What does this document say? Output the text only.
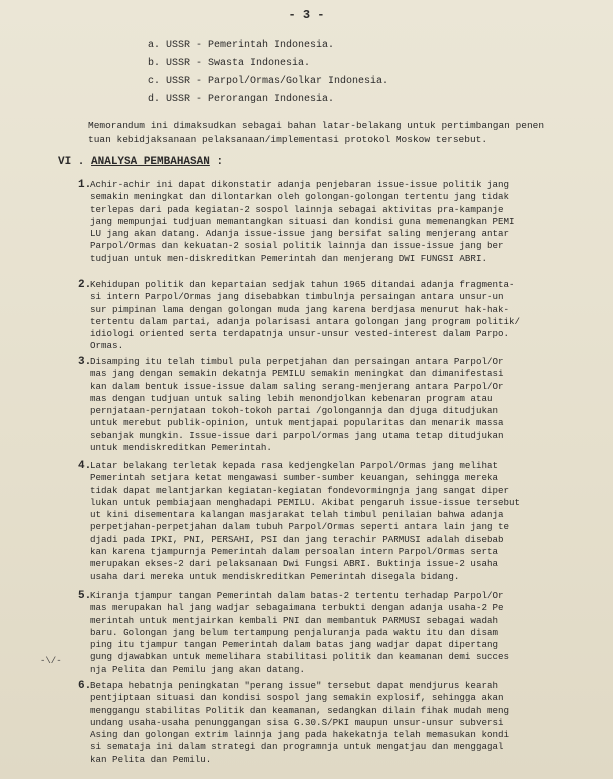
- 3 -
a. USSR - Pemerintah Indonesia.
b. USSR - Swasta Indonesia.
c. USSR - Parpol/Ormas/Golkar Indonesia.
d. USSR - Perorangan Indonesia.
Memorandum ini dimaksudkan sebagai bahan latar-belakang untuk pertimbangan penen
tuan kebidjaksanaan pelaksanaan/implementasi protokol Moskow tersebut.
VI . ANALYSA PEMBAHASAN :
1.
Achir-achir ini dapat dikonstatir adanja penjebaran issue-issue politik jang
semakin meningkat dan dilontarkan oleh golongan-golongan tertentu jang tidak
terlepas dari pada kegiatan-2 sospol lainnja sebagai aktivitas pra-kampanje
jang mempunjai tudjuan memantangkan situasi dan kondisi guna memenangkan PEMI
LU jang akan datang. Adanja issue-issue jang bersifat saling menjerang antar
Parpol/Ormas dan kekuatan-2 sosial politik lainnja dan issue-issue jang ber
tudjuan untuk men-diskreditkan Pemerintah dan menjerang DWI FUNGSI ABRI.
2.
Kehidupan politik dan kepartaian sedjak tahun 1965 ditandai adanja fragmenta-
si intern Parpol/Ormas jang disebabkan timbulnja persaingan antara unsur-un
sur pimpinan lama dengan golongan muda jang karena berdjasa menurut hak-hak-
tertentu dalam partai, adanja polarisasi antara golongan jang program politik/
idiologi oriented serta terdapatnja unsur-unsur vested-interest dalam Parpo.
Ormas.
3.
Disamping itu telah timbul pula perpetjahan dan persaingan antara Parpol/Or
mas jang dengan semakin dekatnja PEMILU semakin meningkat dan dimanifestasi
kan dalam bentuk issue-issue dalam saling serang-menjerang antara Parpol/Or
mas dengan tudjuan untuk saling lebih menondjolkan kebenaran program atau
pernjataan-pernjataan tokoh-tokoh partai /golongannja dan djuga ditudjukan
untuk merebut publik-opinion, untuk mentjapai popularitas dan menarik massa
sebanjak mungkin. Issue-issue dari parpol/ormas jang utama tetap ditudjukan
untuk mendiskreditkan Pemerintah.
4.
Latar belakang terletak kepada rasa kedjengkelan Parpol/Ormas jang melihat
Pemerintah setjara ketat mengawasi sumber-sumber keuangan, sehingga mereka
tidak dapat melantjarkan kegiatan-kegiatan fondevormingnja jang sangat diper
lukan untuk pembiajaan menghadapi PEMILU. Akibat pengaruh issue-issue tersebut
ut kini disementara kalangan masjarakat telah timbul penilaian bahwa adanja
perpetjahan-perpetjahan dalam tubuh Parpol/Ormas seperti antara lain jang te
djadi pada IPKI, PNI, PERSAHI, PSI dan jang terachir PARMUSI adalah disebab
kan karena tjampurnja Pemerintah dalam persoalan intern Parpol/Ormas serta
merupakan ekses-2 dari pelaksanaan Dwi Fungsi ABRI. Buktinja issue-2 usaha
usaha dari mereka untuk mendiskreditkan Pemerintah disegala bidang.
5.
Kiranja tjampur tangan Pemerintah dalam batas-2 tertentu terhadap Parpol/Or
mas merupakan hal jang wadjar sebagaimana terbukti dengan adanja usaha-2 Pe
merintah untuk mentjairkan kembali PNI dan membantuk PARMUSI sebagai wadah
baru. Golongan jang belum tertampung penjaluranja pada waktu itu dan disam
ping itu tjampur tangan Pemerintah dalam batas jang wadjar dapat dipertang
gung djawabkan untuk memelihara stabilitasi politik dan keamanan demi succes
nja Pelita dan Pemilu jang akan datang.
6.
Betapa hebatnja peningkatan "perang issue" tersebut dapat mendjurus kearah
pentjiptaan situasi dan kondisi sospol jang semakin explosif, sehingga akan
menggangu stabilitas Politik dan keamanan, sedangkan dilain fihak mudah meng
undang usaha-usaha penunggangan sisa G.30.S/PKI maupun unsur-unsur subversi
Asing dan golongan extrim lainnja jang pada hakekatnja telah memasukan kondi
si semataja ini dalam strategi dan programnja untuk mengatjau dan menggagal
kan Pelita dan Pemilu.
-\/-
